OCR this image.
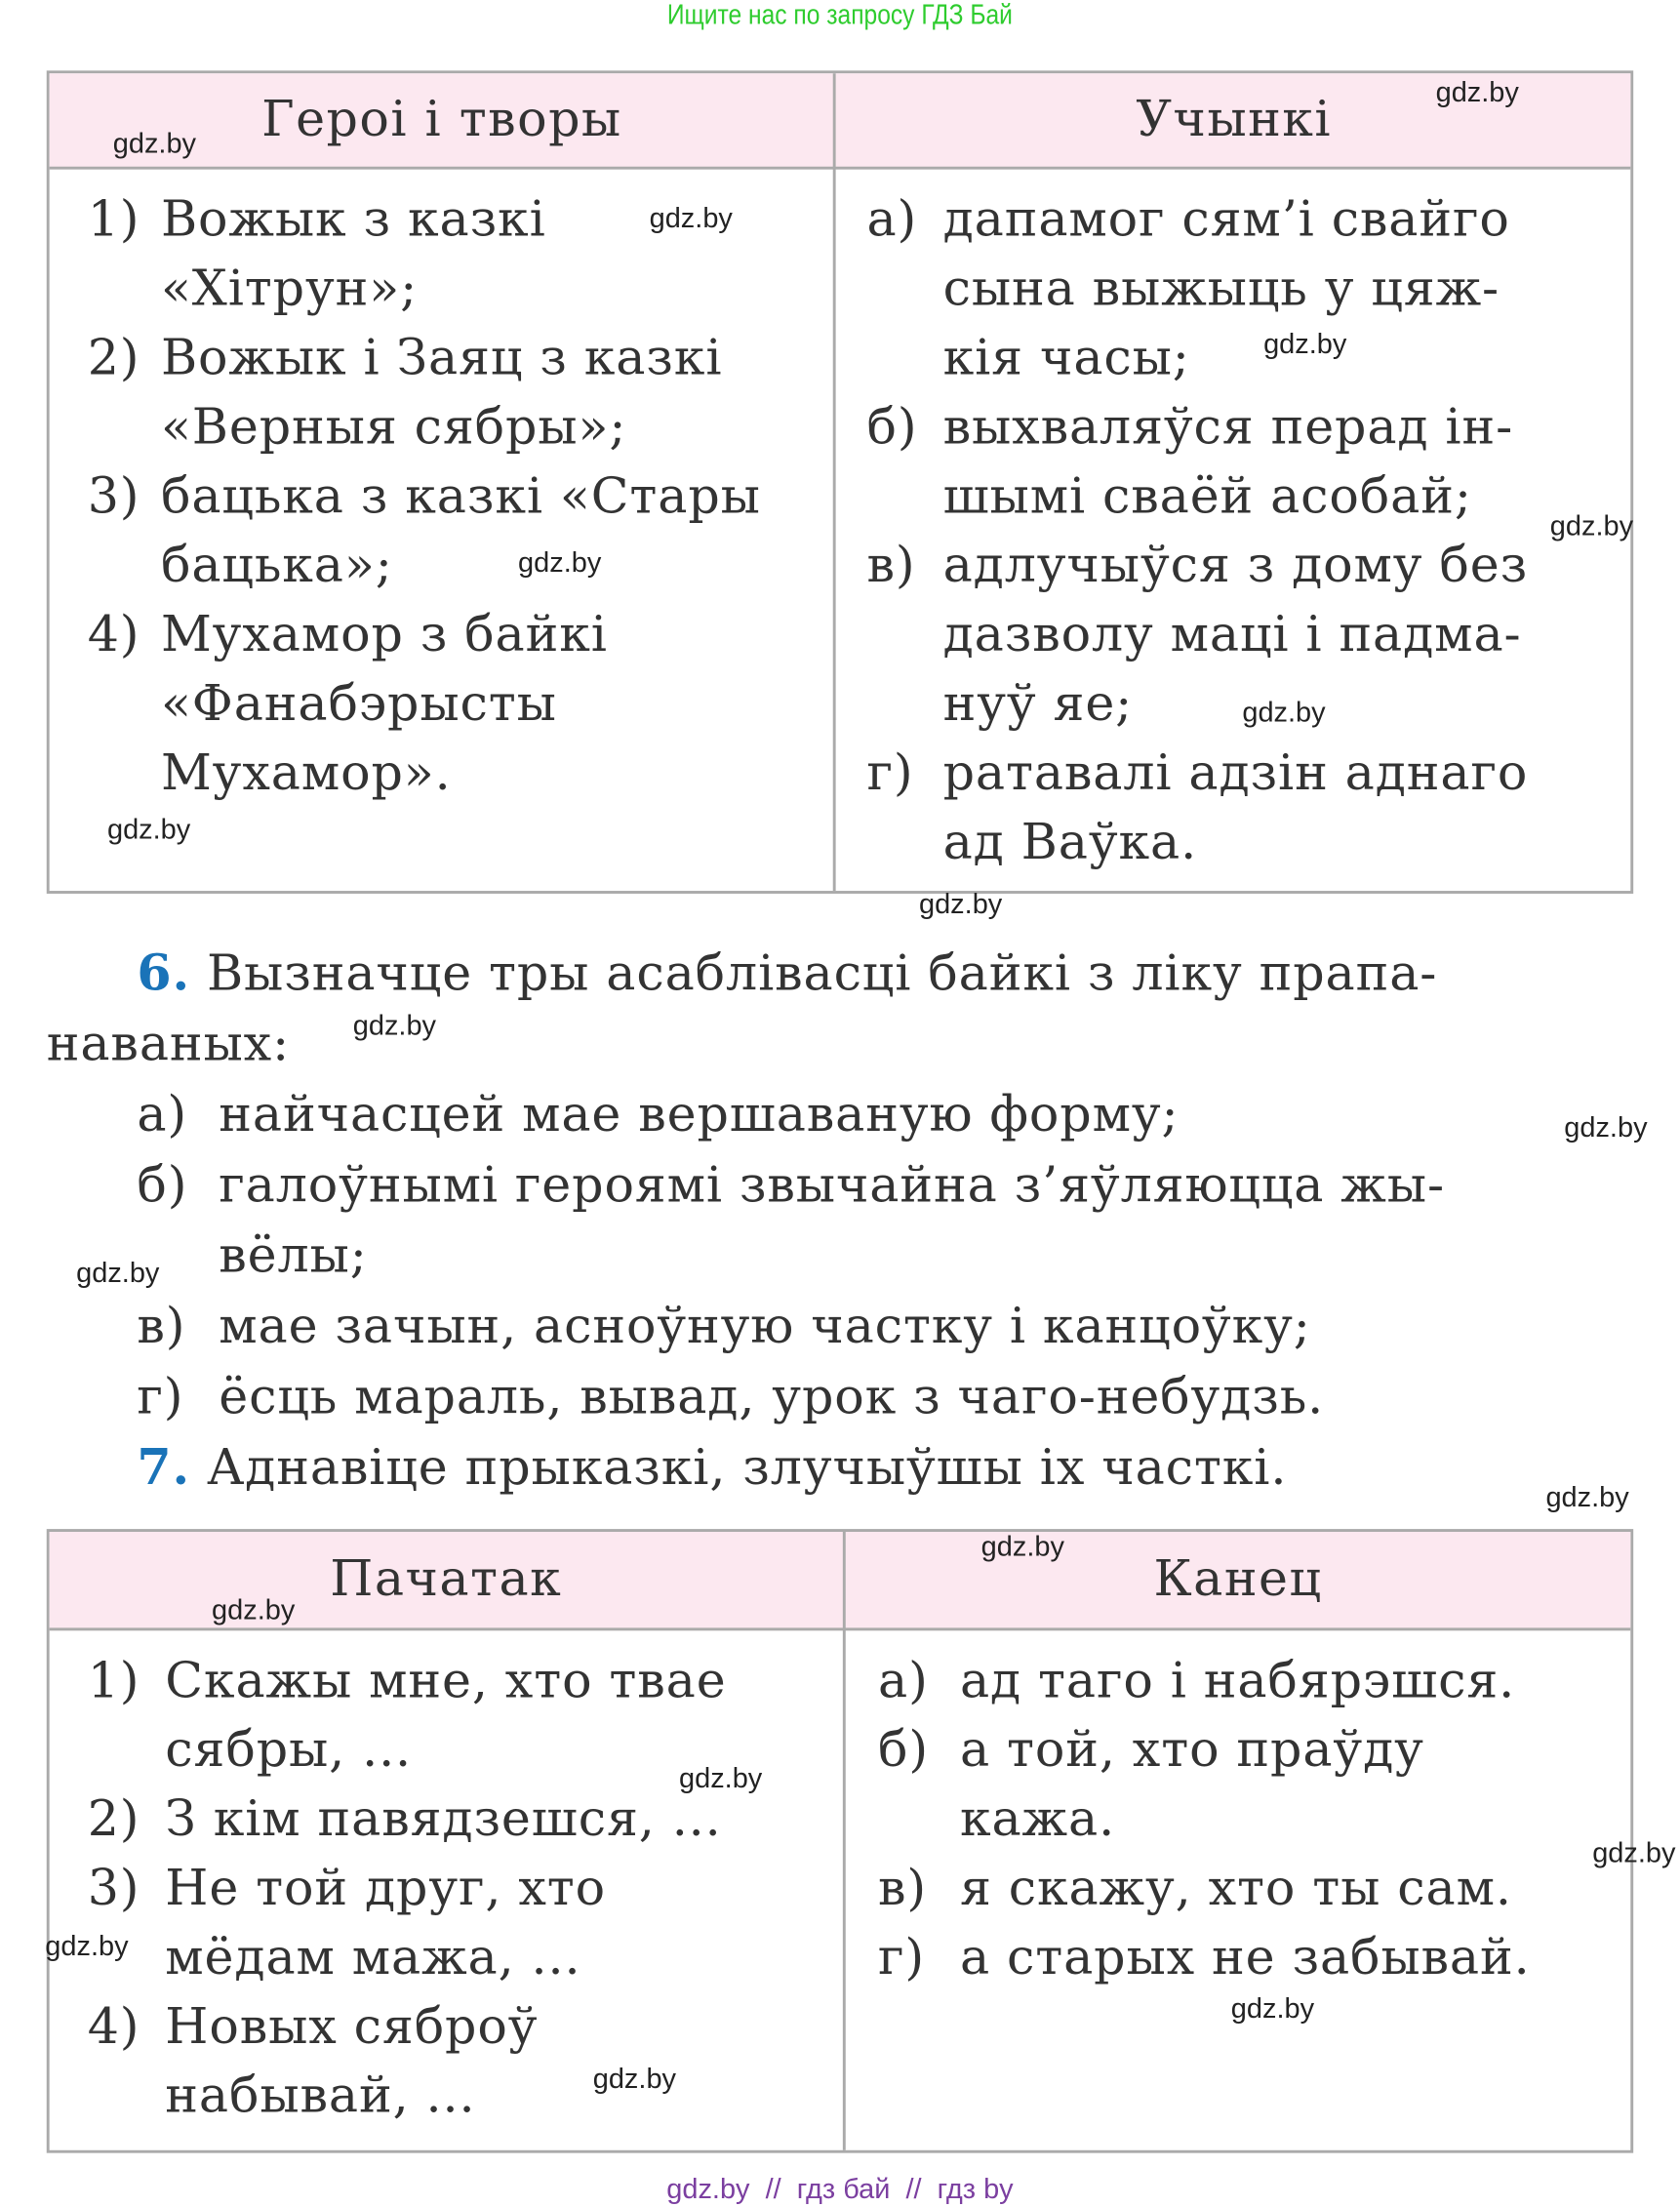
Ищите нас по запросу ГДЗ Бай
Героі і творы	Учынкі
1) Вожык з казкі
«Хітрун»;
2) Вожык і Заяц з казкі
«Верныя сябры»;
3) бацька з казкі «Стары
бацька»;
4) Мухамор з байкі
«Фанабэрысты
Мухамор».
а) дапамог сям’і свайго
сына выжыць у цяж-
кія часы;
б) выхваляўся перад ін-
шымі сваёй асобай;
в) адлучыўся з дому без
дазволу маці і падма-
нуў яе;
г) ратавалі адзін аднаго
ад Ваўка.
6. Вызначце тры асаблівасці байкі з ліку прапа-
наваных:
а) найчасцей мае вершаваную форму;
б) галоўнымі героямі звычайна з’яўляюцца жы-
вёлы;
в) мае зачын, асноўную частку і канцоўку;
г) ёсць мараль, вывад, урок з чаго-небудзь.
7. Аднавіце прыказкі, злучыўшы іх часткі.
Пачатак	Канец
1) Скажы мне, хто твае
сябры, ...
2) З кім павядзешся, ...
3) Не той друг, хто
мёдам мажа, ...
4) Новых сяброў
набывай, ...
а) ад таго і набярэшся.
б) а той, хто праўду
кажа.
в) я скажу, хто ты сам.
г) а старых не забывай.
gdz.by
gdz.by
gdz.by
gdz.by
gdz.by
gdz.by
gdz.by
gdz.by
gdz.by
gdz.by
gdz.by
gdz.by
gdz.by
gdz.by
gdz.by
gdz.by
gdz.by
gdz.by
gdz.by
gdz.by
gdz.by  //  гдз бай  //  гдз by
